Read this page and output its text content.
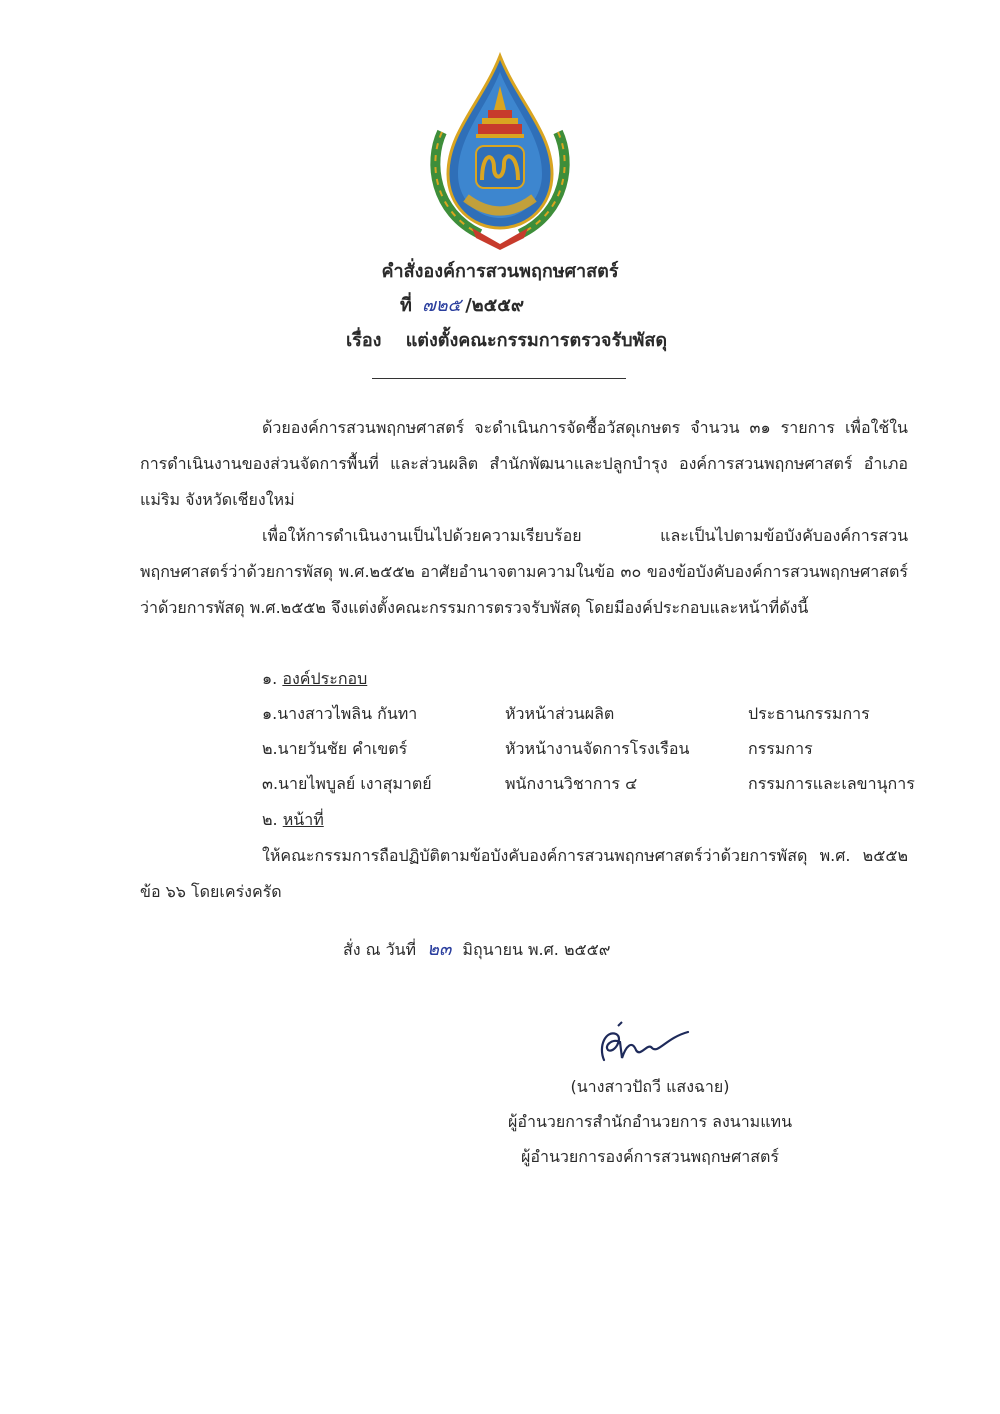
คำสั่งองค์การสวนพฤกษศาสตร์
ที่ ๗๒๕ /๒๕๕๙
เรื่อง แต่งตั้งคณะกรรมการตรวจรับพัสดุ
ด้วยองค์การสวนพฤกษศาสตร์ จะดำเนินการจัดซื้อวัสดุเกษตร จำนวน ๓๑ รายการ เพื่อใช้ในการดำเนินงานของส่วนจัดการพื้นที่ และส่วนผลิต สำนักพัฒนาและปลูกบำรุง องค์การสวนพฤกษศาสตร์ อำเภอแม่ริม จังหวัดเชียงใหม่
เพื่อให้การดำเนินงานเป็นไปด้วยความเรียบร้อย และเป็นไปตามข้อบังคับองค์การสวนพฤกษศาสตร์ว่าด้วยการพัสดุ พ.ศ.๒๕๕๒ อาศัยอำนาจตามความในข้อ ๓๐ ของข้อบังคับองค์การสวนพฤกษศาสตร์ว่าด้วยการพัสดุ พ.ศ.๒๕๕๒ จึงแต่งตั้งคณะกรรมการตรวจรับพัสดุ โดยมีองค์ประกอบและหน้าที่ดังนี้
๑. องค์ประกอบ
๑.นางสาวไพลิน กันทา	หัวหน้าส่วนผลิต	ประธานกรรมการ
๒.นายวันชัย คำเขตร์	หัวหน้างานจัดการโรงเรือน	กรรมการ
๓.นายไพบูลย์ เงาสุมาตย์	พนักงานวิชาการ ๔	กรรมการและเลขานุการ
๒. หน้าที่
ให้คณะกรรมการถือปฏิบัติตามข้อบังคับองค์การสวนพฤกษศาสตร์ว่าด้วยการพัสดุ พ.ศ. ๒๕๕๒ ข้อ ๖๖ โดยเคร่งครัด
สั่ง ณ วันที่ ๒๓ มิถุนายน พ.ศ. ๒๕๕๙
(นางสาวปัถวี แสงฉาย)
ผู้อำนวยการสำนักอำนวยการ ลงนามแทน
ผู้อำนวยการองค์การสวนพฤกษศาสตร์
